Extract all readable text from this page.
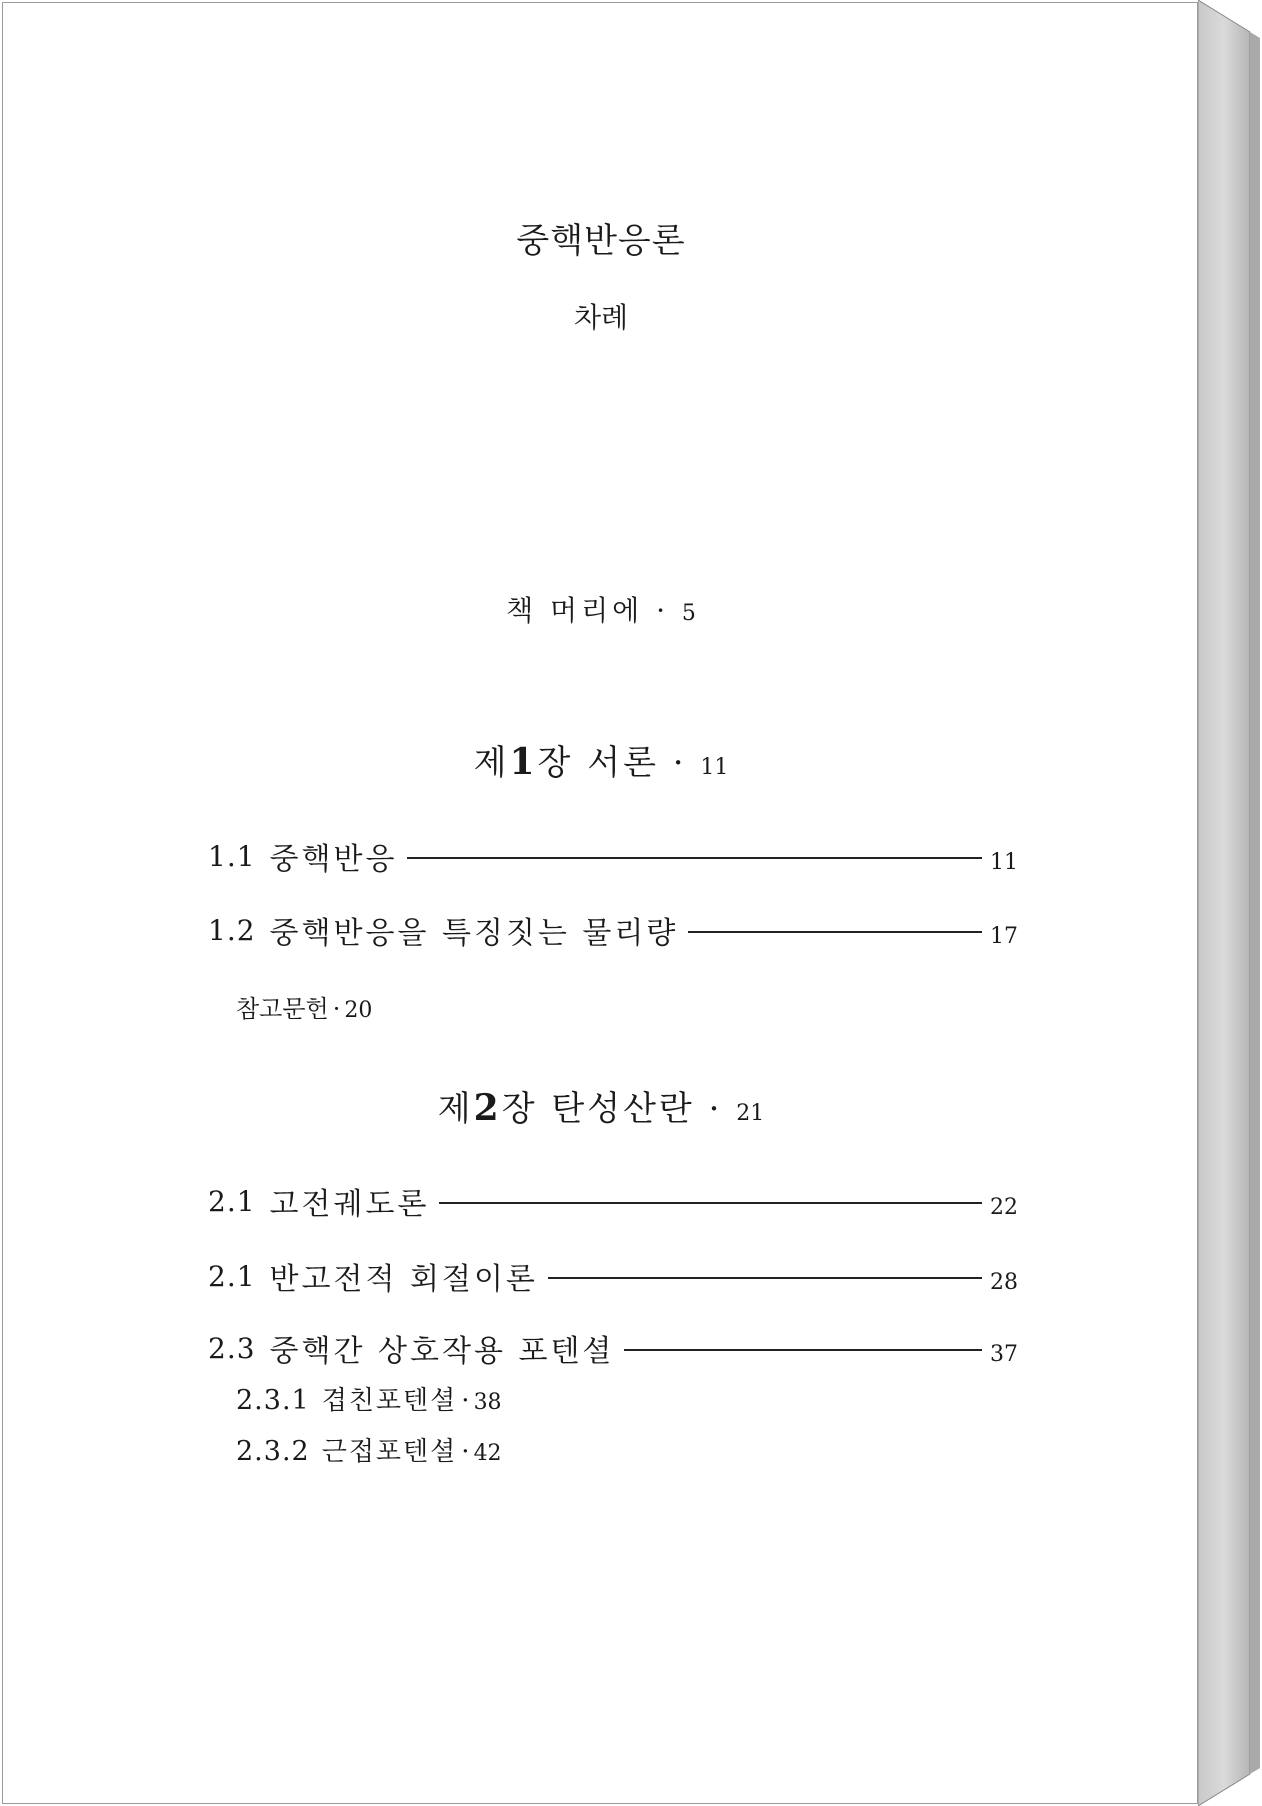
중핵반응론
차례
책 머리에 · 5
제1장 서론 · 11
1.1 중핵반응	11
1.2 중핵반응을 특징짓는 물리량	17
참고문헌 · 20
제2장 탄성산란 · 21
2.1 고전궤도론	22
2.1 반고전적 회절이론	28
2.3 중핵간 상호작용 포텐셜	37
2.3.1 겹친포텐셜 · 38
2.3.2 근접포텐셜 · 42
